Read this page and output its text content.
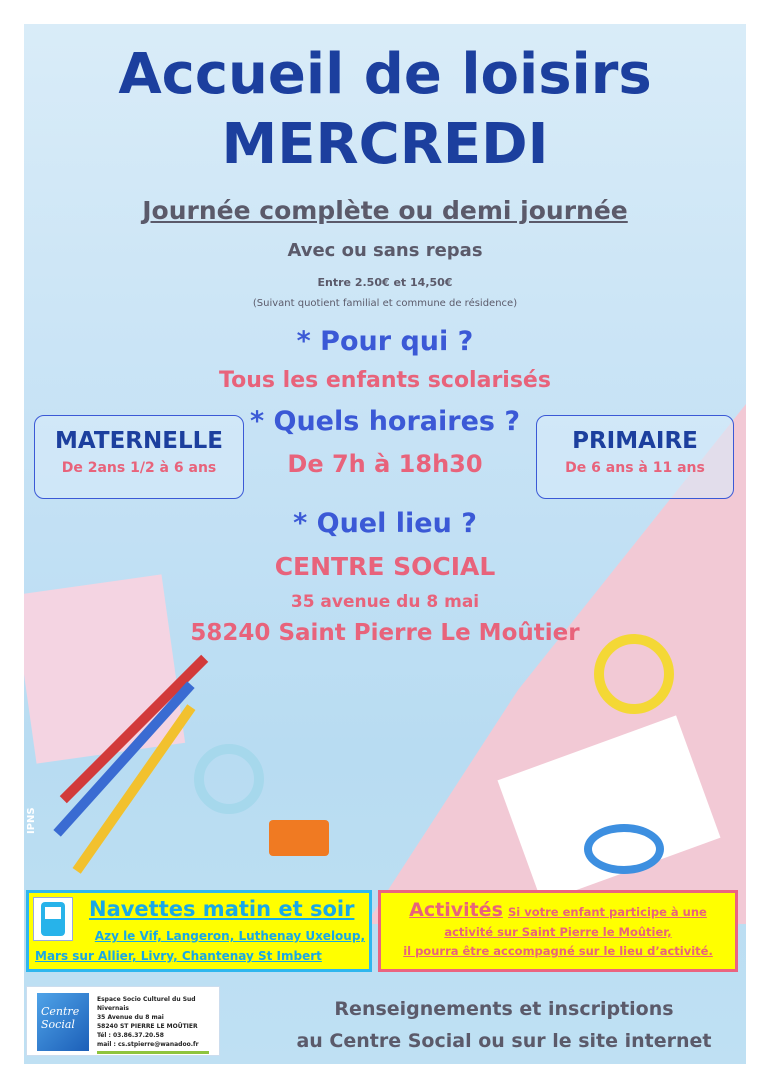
Accueil de loisirs
MERCREDI
Journée complète ou demi journée
Avec ou sans repas
Entre 2.50€ et 14,50€
(Suivant quotient familial et commune de résidence)
* Pour qui ?
Tous les enfants scolarisés
* Quels horaires ?
De 7h à 18h30
MATERNELLE
De 2ans 1/2 à 6 ans
PRIMAIRE
De 6 ans à 11 ans
* Quel lieu ?
CENTRE SOCIAL
35 avenue du 8 mai
58240 Saint Pierre Le Moûtier
IPNS
Navettes matin et soir
Azy le Vif, Langeron, Luthenay Uxeloup,
Mars sur Allier, Livry, Chantenay St Imbert
Activités Si votre enfant participe à une
activité sur Saint Pierre le Moûtier,
il pourra être accompagné sur le lieu d’activité.
Centre Social
Espace Socio Culturel du Sud Nivernais
35 Avenue du 8 mai
58240 ST PIERRE LE MOÛTIER
Tél : 03.86.37.20.58
mail : cs.stpierre@wanadoo.fr
Renseignements et inscriptions
au Centre Social ou sur le site internet
